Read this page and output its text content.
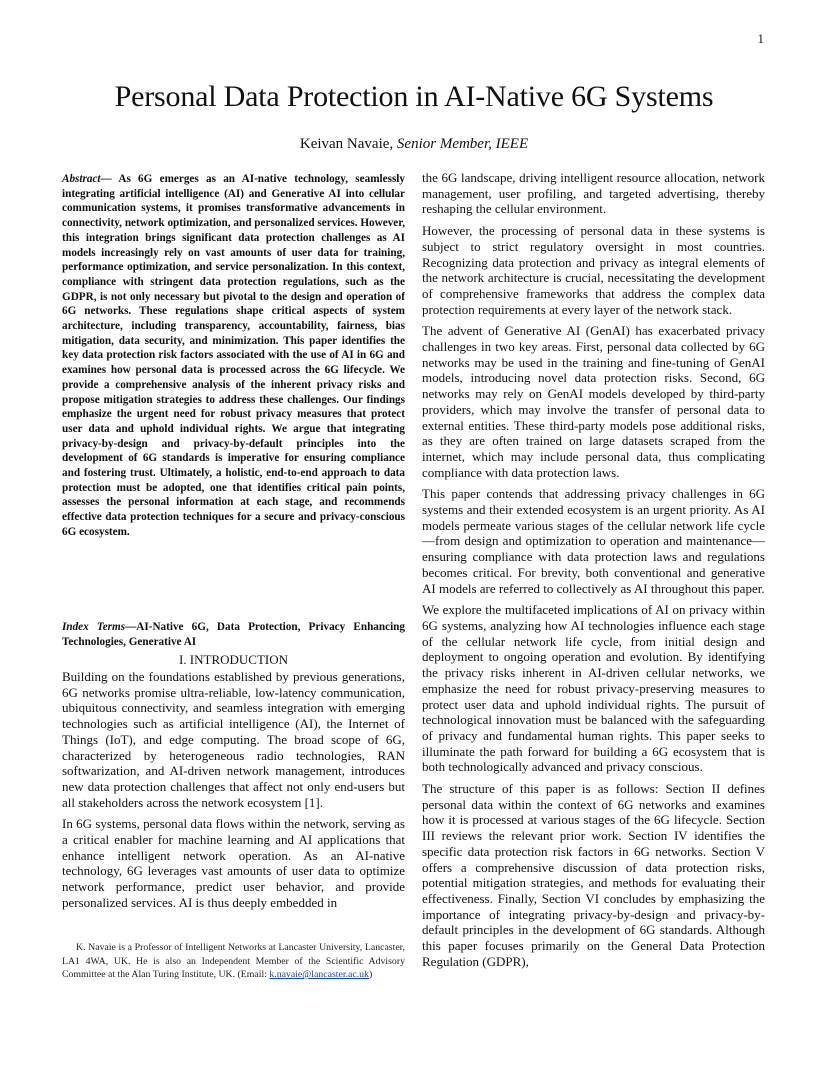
1
Personal Data Protection in AI-Native 6G Systems
Keivan Navaie, Senior Member, IEEE

Abstract— As 6G emerges as an AI-native technology, seamlessly integrating artificial intelligence (AI) and Generative AI into cellular communication systems, it promises transformative advancements in connectivity, network optimization, and personalized services. However, this integration brings significant data protection challenges as AI models increasingly rely on vast amounts of user data for training, performance optimization, and service personalization. In this context, compliance with stringent data protection regulations, such as the GDPR, is not only necessary but pivotal to the design and operation of 6G networks. These regulations shape critical aspects of system architecture, including transparency, accountability, fairness, bias mitigation, data security, and minimization. This paper identifies the key data protection risk factors associated with the use of AI in 6G and examines how personal data is processed across the 6G lifecycle. We provide a comprehensive analysis of the inherent privacy risks and propose mitigation strategies to address these challenges. Our findings emphasize the urgent need for robust privacy measures that protect user data and uphold individual rights. We argue that integrating privacy-by-design and privacy-by-default principles into the development of 6G standards is imperative for ensuring compliance and fostering trust. Ultimately, a holistic, end-to-end approach to data protection must be adopted, one that identifies critical pain points, assesses the personal information at each stage, and recommends effective data protection techniques for a secure and privacy-conscious 6G ecosystem.

Index Terms—AI-Native 6G, Data Protection, Privacy Enhancing Technologies, Generative AI

I. INTRODUCTION

Building on the foundations established by previous generations, 6G networks promise ultra-reliable, low-latency communication, ubiquitous connectivity, and seamless integration with emerging technologies such as artificial intelligence (AI), the Internet of Things (IoT), and edge computing. The broad scope of 6G, characterized by heterogeneous radio technologies, RAN softwarization, and AI-driven network management, introduces new data protection challenges that affect not only end-users but all stakeholders across the network ecosystem [1].

In 6G systems, personal data flows within the network, serving as a critical enabler for machine learning and AI applications that enhance intelligent network operation. As an AI-native technology, 6G leverages vast amounts of user data to optimize network performance, predict user behavior, and provide personalized services. AI is thus deeply embedded in

K. Navaie is a Professor of Intelligent Networks at Lancaster University, Lancaster, LA1 4WA, UK. He is also an Independent Member of the Scientific Advisory Committee at the Alan Turing Institute, UK. (Email: k.navaie@lancaster.ac.uk)

the 6G landscape, driving intelligent resource allocation, network management, user profiling, and targeted advertising, thereby reshaping the cellular environment.

However, the processing of personal data in these systems is subject to strict regulatory oversight in most countries. Recognizing data protection and privacy as integral elements of the network architecture is crucial, necessitating the development of comprehensive frameworks that address the complex data protection requirements at every layer of the network stack.

The advent of Generative AI (GenAI) has exacerbated privacy challenges in two key areas. First, personal data collected by 6G networks may be used in the training and fine-tuning of GenAI models, introducing novel data protection risks. Second, 6G networks may rely on GenAI models developed by third-party providers, which may involve the transfer of personal data to external entities. These third-party models pose additional risks, as they are often trained on large datasets scraped from the internet, which may include personal data, thus complicating compliance with data protection laws.

This paper contends that addressing privacy challenges in 6G systems and their extended ecosystem is an urgent priority. As AI models permeate various stages of the cellular network life cycle—from design and optimization to operation and maintenance—ensuring compliance with data protection laws and regulations becomes critical. For brevity, both conventional and generative AI models are referred to collectively as AI throughout this paper.

We explore the multifaceted implications of AI on privacy within 6G systems, analyzing how AI technologies influence each stage of the cellular network life cycle, from initial design and deployment to ongoing operation and evolution. By identifying the privacy risks inherent in AI-driven cellular networks, we emphasize the need for robust privacy-preserving measures to protect user data and uphold individual rights. The pursuit of technological innovation must be balanced with the safeguarding of privacy and fundamental human rights. This paper seeks to illuminate the path forward for building a 6G ecosystem that is both technologically advanced and privacy conscious.

The structure of this paper is as follows: Section II defines personal data within the context of 6G networks and examines how it is processed at various stages of the 6G lifecycle. Section III reviews the relevant prior work. Section IV identifies the specific data protection risk factors in 6G networks. Section V offers a comprehensive discussion of data protection risks, potential mitigation strategies, and methods for evaluating their effectiveness. Finally, Section VI concludes by emphasizing the importance of integrating privacy-by-design and privacy-by-default principles in the development of 6G standards. Although this paper focuses primarily on the General Data Protection Regulation (GDPR),
